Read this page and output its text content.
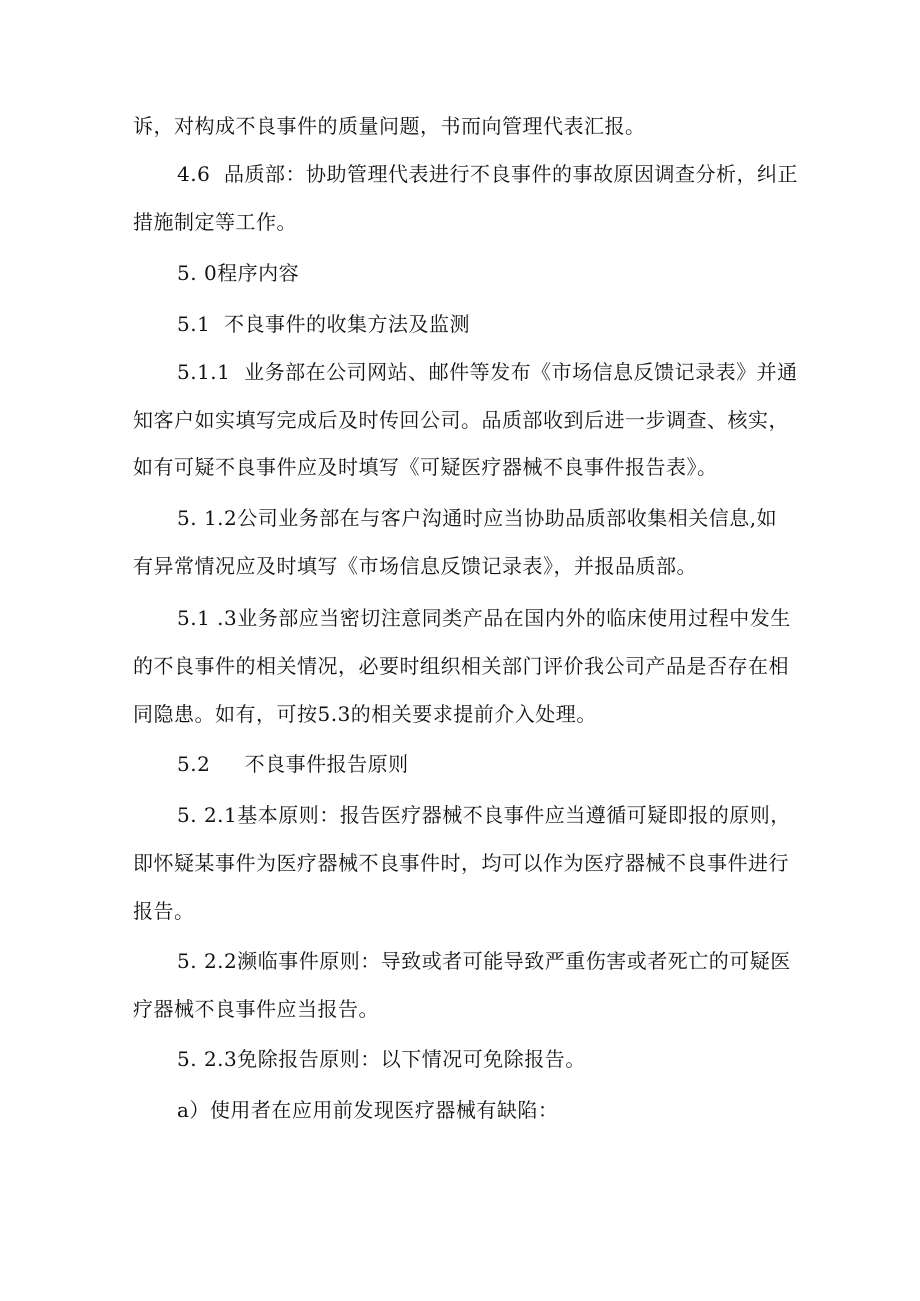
诉，对构成不良事件的质量问题，书而向管理代表汇报。
4.6  品质部：协助管理代表进行不良事件的事故原因调查分析，纠正
措施制定等工作。
5. 0程序内容
5.1  不良事件的收集方法及监测
5.1.1  业务部在公司网站、邮件等发布《市场信息反馈记录表》并通
知客户如实填写完成后及时传回公司。品质部收到后进一步调查、核实，
如有可疑不良事件应及时填写《可疑医疗器械不良事件报告表》。
5. 1.2公司业务部在与客户沟通时应当协助品质部收集相关信息,如
有异常情况应及时填写《市场信息反馈记录表》，并报品质部。
5.1 .3业务部应当密切注意同类产品在国内外的临床使用过程中发生
的不良事件的相关情况，必要时组织相关部门评价我公司产品是否存在相
同隐患。如有，可按5.3的相关要求提前介入处理。
5.2     不良事件报告原则
5. 2.1基本原则：报告医疗器械不良事件应当遵循可疑即报的原则，
即怀疑某事件为医疗器械不良事件时，均可以作为医疗器械不良事件进行
报告。
5. 2.2濒临事件原则：导致或者可能导致严重伤害或者死亡的可疑医
疗器械不良事件应当报告。
5. 2.3免除报告原则：以下情况可免除报告。
a）使用者在应用前发现医疗器械有缺陷：
